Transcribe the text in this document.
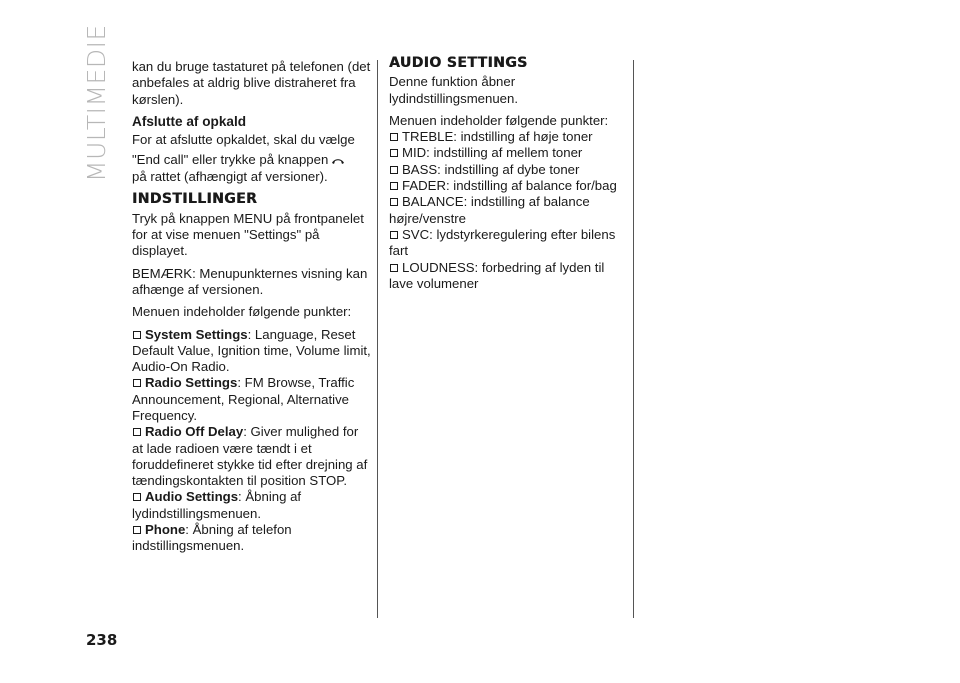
MULTIMEDIE kan du bruge tastaturet på telefonen (det anbefales at aldrig blive distraheret fra kørslen).

Afslutte af opkald

For at afslutte opkaldet, skal du vælge

"End call" eller trykke på knappen

på rattet (afhængigt af versioner).

INDSTILLINGER

Tryk på knappen MENU på frontpanelet for at vise menuen "Settings" på displayet.

BEMÆRK: Menupunkternes visning kan afhænge af versionen.

Menuen indeholder følgende punkter:

System Settings: Language, Reset Default Value, Ignition time, Volume limit, Audio-On Radio.
Radio Settings: FM Browse, Traffic Announcement, Regional, Alternative Frequency.
Radio Off Delay: Giver mulighed for at lade radioen være tændt i et foruddefineret stykke tid efter drejning af tændingskontakten til position STOP.
Audio Settings: Åbning af lydindstillingsmenuen.
Phone: Åbning af telefon indstillingsmenuen.
AUDIO SETTINGS

Denne funktion åbner lydindstillingsmenuen.

Menuen indeholder følgende punkter:

TREBLE: indstilling af høje toner
MID: indstilling af mellem toner
BASS: indstilling af dybe toner
FADER: indstilling af balance for/bag
BALANCE: indstilling af balance højre/venstre
SVC: lydstyrkeregulering efter bilens fart
LOUDNESS: forbedring af lyden til lave volumener
238
